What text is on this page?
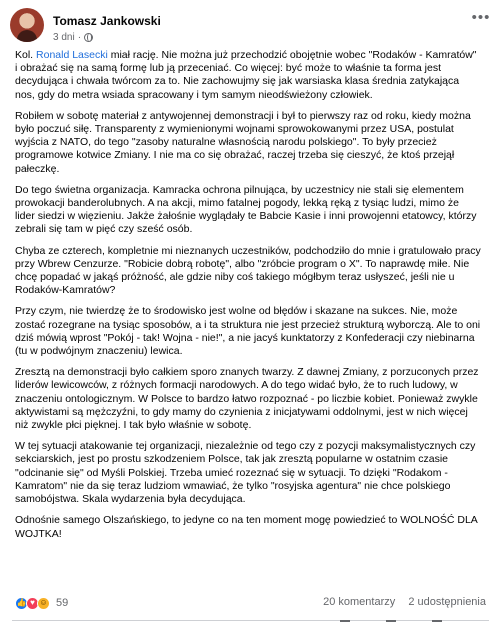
Tomasz Jankowski
3 dni ·
•••

Kol. Ronald Lasecki miał rację. Nie można już przechodzić obojętnie wobec "Rodaków - Kamratów" i obrażać się na samą formę lub ją przeceniać. Co więcej: być może to właśnie ta forma jest decydująca i chwała twórcom za to. Nie zachowujmy się jak warsiaska klasa średnia zatykająca nos, gdy do metra wsiada spracowany i tym samym nieodświeżony człowiek.

Robiłem w sobotę materiał z antywojennej demonstracji i był to pierwszy raz od roku, kiedy można było poczuć siłę. Transparenty z wymienionymi wojnami sprowokowanymi przez USA, postulat wyjścia z NATO, do tego "zasoby naturalne własnością narodu polskiego". To były przecież programowe kotwice Zmiany. I nie ma co się obrażać, raczej trzeba się cieszyć, że ktoś przejął pałeczkę.

Do tego świetna organizacja. Kamracka ochrona pilnująca, by uczestnicy nie stali się elementem prowokacji banderolubnych. A na akcji, mimo fatalnej pogody, lekką ręką z tysiąc ludzi, mimo że lider siedzi w więzieniu. Jakże żałośnie wyglądały te Babcie Kasie i inni prowojenni etatowcy, którzy zebrali się tam w pięć czy sześć osób.

Chyba ze czterech, kompletnie mi nieznanych uczestników, podchodziło do mnie i gratulowało pracy przy Wbrew Cenzurze. "Robicie dobrą robotę", albo "zróbcie program o X". To naprawdę miłe. Nie chcę popadać w jakąś próżność, ale gdzie niby coś takiego mógłbym teraz usłyszeć, jeśli nie u Rodaków-Kamratów?

Przy czym, nie twierdzę że to środowisko jest wolne od błędów i skazane na sukces. Nie, może zostać rozegrane na tysiąc sposobów, a i ta struktura nie jest przecież strukturą wyborczą. Ale to oni dziś mówią wprost "Pokój - tak! Wojna - nie!", a nie jacyś kunktatorzy z Konfederacji czy niebinarna (tu w podwójnym znaczeniu) lewica.

Zresztą na demonstracji było całkiem sporo znanych twarzy. Z dawnej Zmiany, z porzuconych przez liderów lewicowców, z różnych formacji narodowych. A do tego widać było, że to ruch ludowy, w znaczeniu ontologicznym. W Polsce to bardzo łatwo rozpoznać - po liczbie kobiet. Ponieważ zwykle aktywistami są mężczyźni, to gdy mamy do czynienia z inicjatywami oddolnymi, jest w nich więcej niż zwykle płci pięknej. I tak było właśnie w sobotę.

W tej sytuacji atakowanie tej organizacji, niezależnie od tego czy z pozycji maksymalistycznych czy sekciarskich, jest po prostu szkodzeniem Polsce, tak jak zresztą popularne w ostatnim czasie "odcinanie się" od Myśli Polskiej. Trzeba umieć rozeznać się w sytuacji. To dzięki "Rodakom - Kamratom" nie da się teraz ludziom wmawiać, że tylko "rosyjska agentura" nie chce polskiego samobójstwa. Skala wydarzenia była decydująca.

Odnośnie samego Olszańskiego, to jedyne co na ten moment mogę powiedzieć to WOLNOŚĆ DLA WOJTKA!

👍 ♥ ☺ 59	20 komentarzy 2 udostępnienia
